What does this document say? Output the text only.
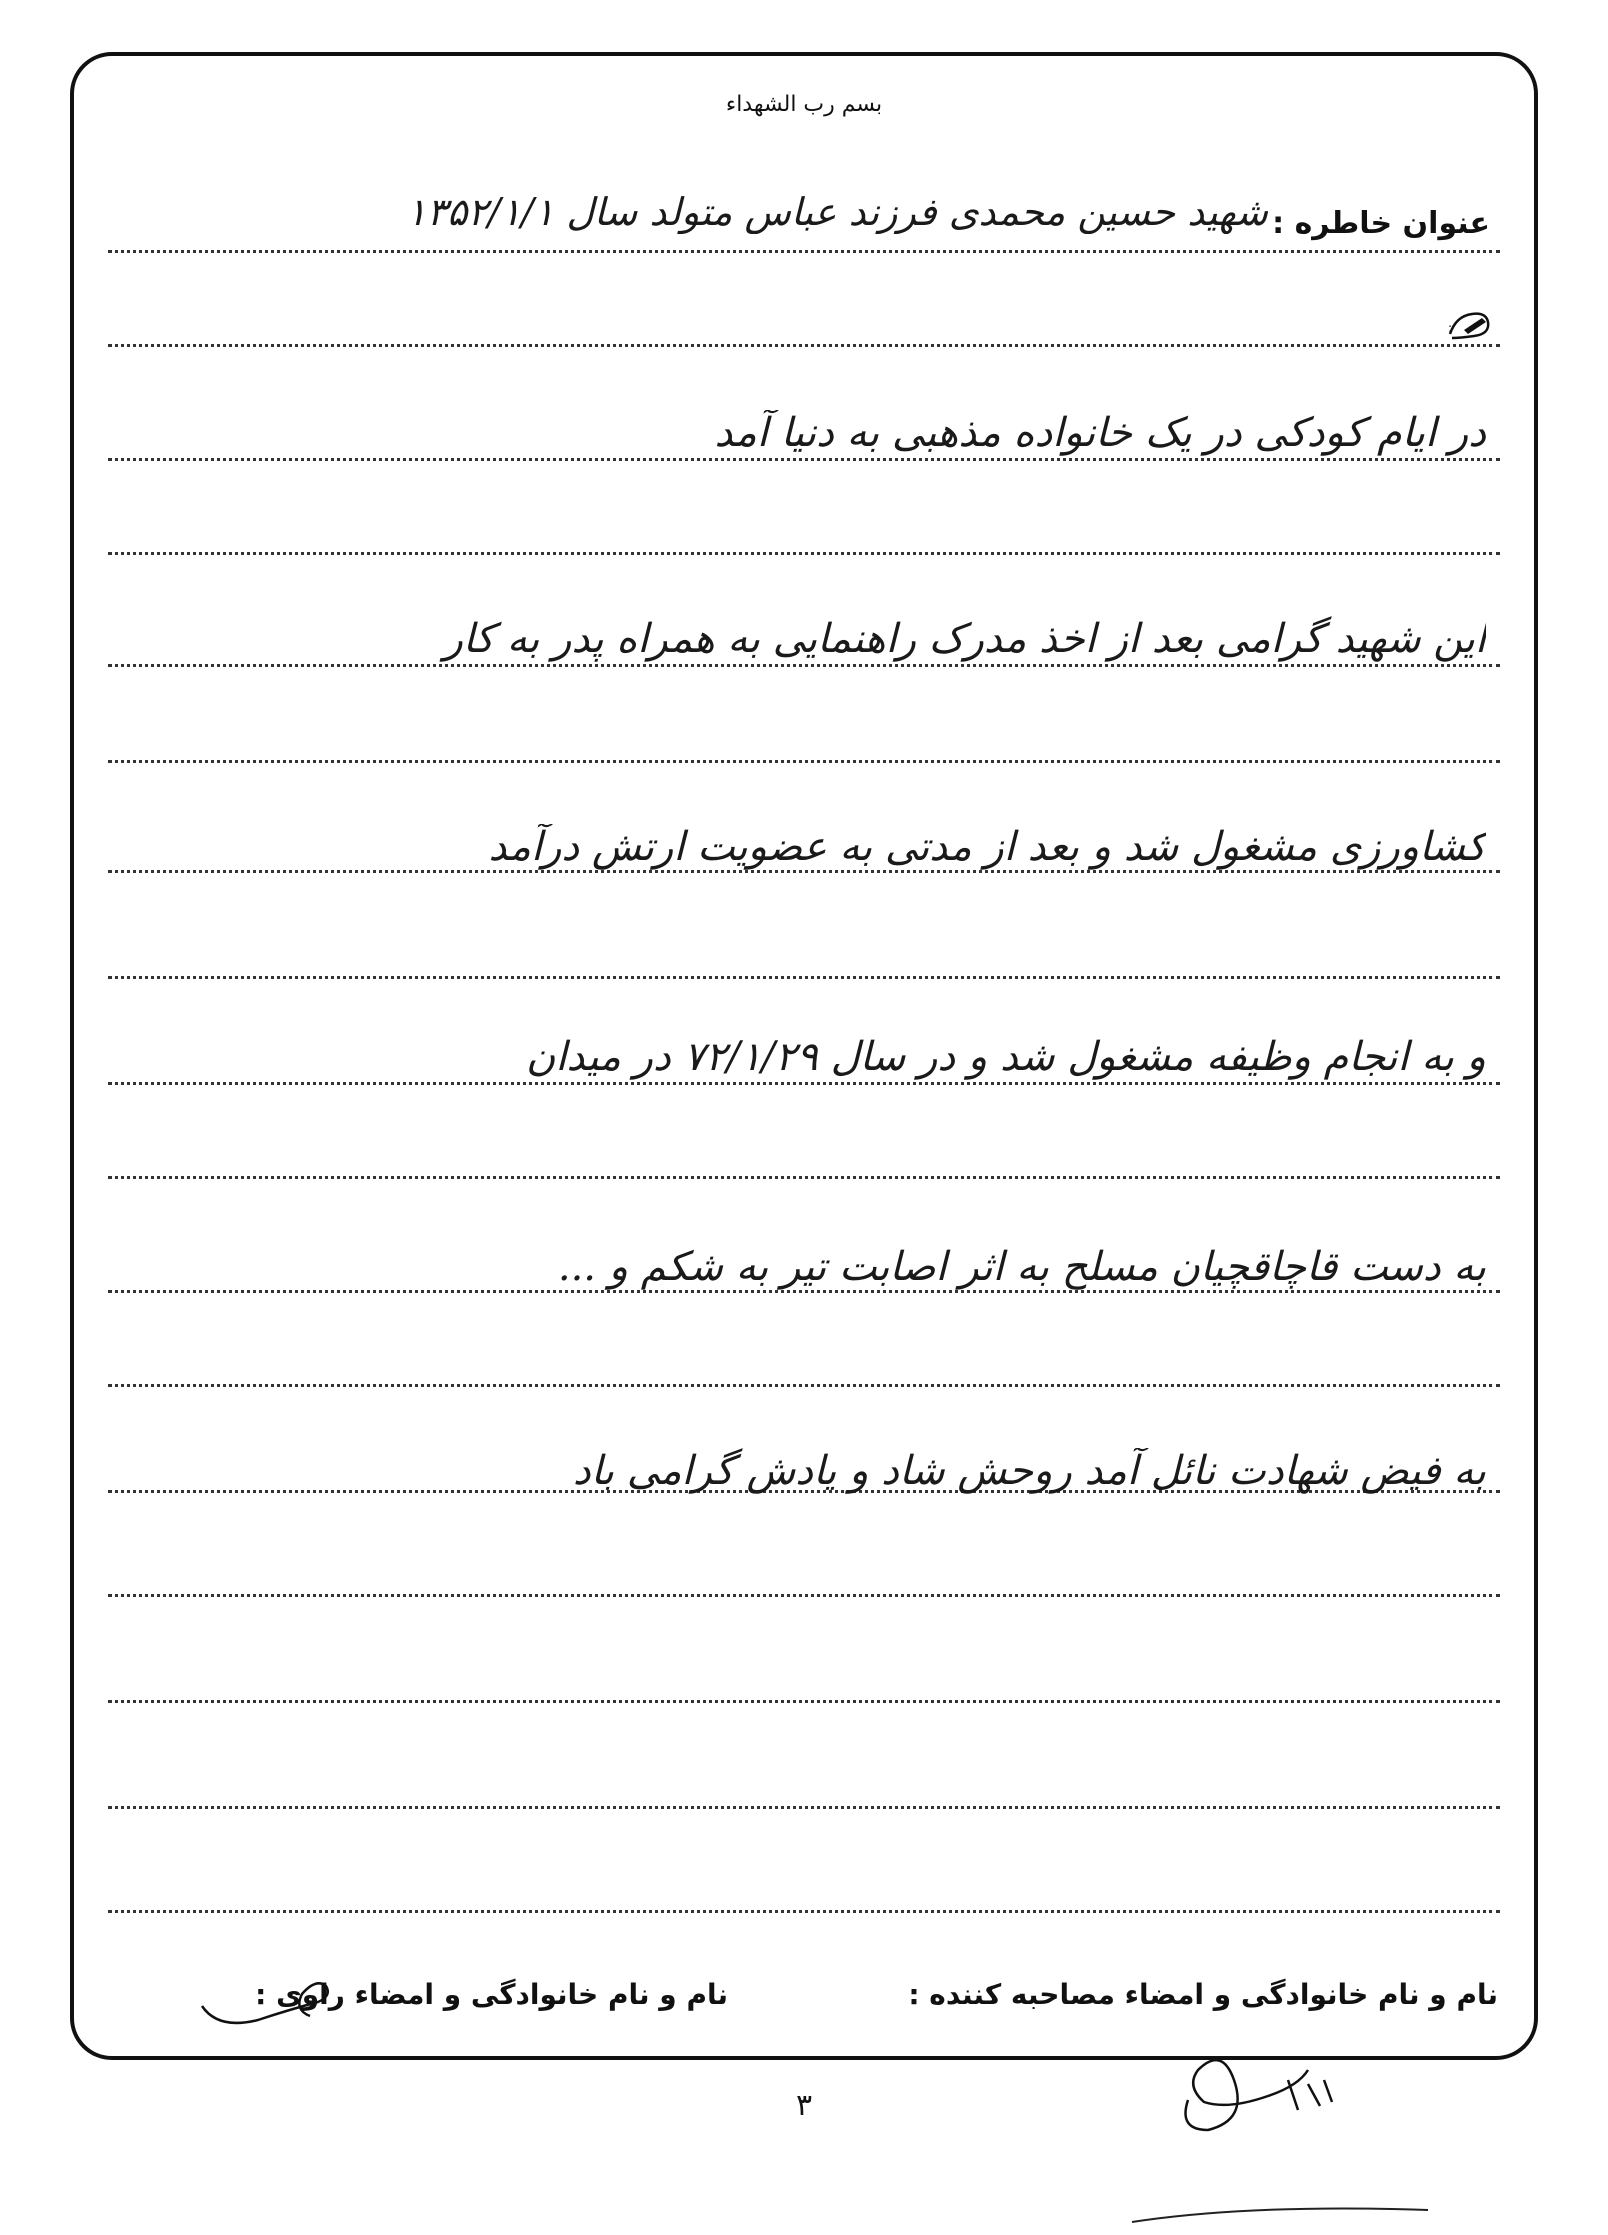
بسم رب الشهداء
عنوان خاطره :
شهید حسین محمدی فرزند عباس متولد سال ۱۳۵۲/۱/۱
:
در ایام کودکی در یک خانواده مذهبی به دنیا آمد
این شهید گرامی بعد از اخذ مدرک راهنمایی به همراه پدر به کار
کشاورزی مشغول شد و بعد از مدتی به عضویت ارتش درآمد
و به انجام وظیفه مشغول شد و در سال ۷۲/۱/۲۹ در میدان
به دست قاچاقچیان مسلح به اثر اصابت تیر به شکم و ...
به فیض شهادت نائل آمد روحش شاد و یادش گرامی باد
نام و نام خانوادگی و امضاء مصاحبه کننده :
نام و نام خانوادگی و امضاء راوی :
۳
